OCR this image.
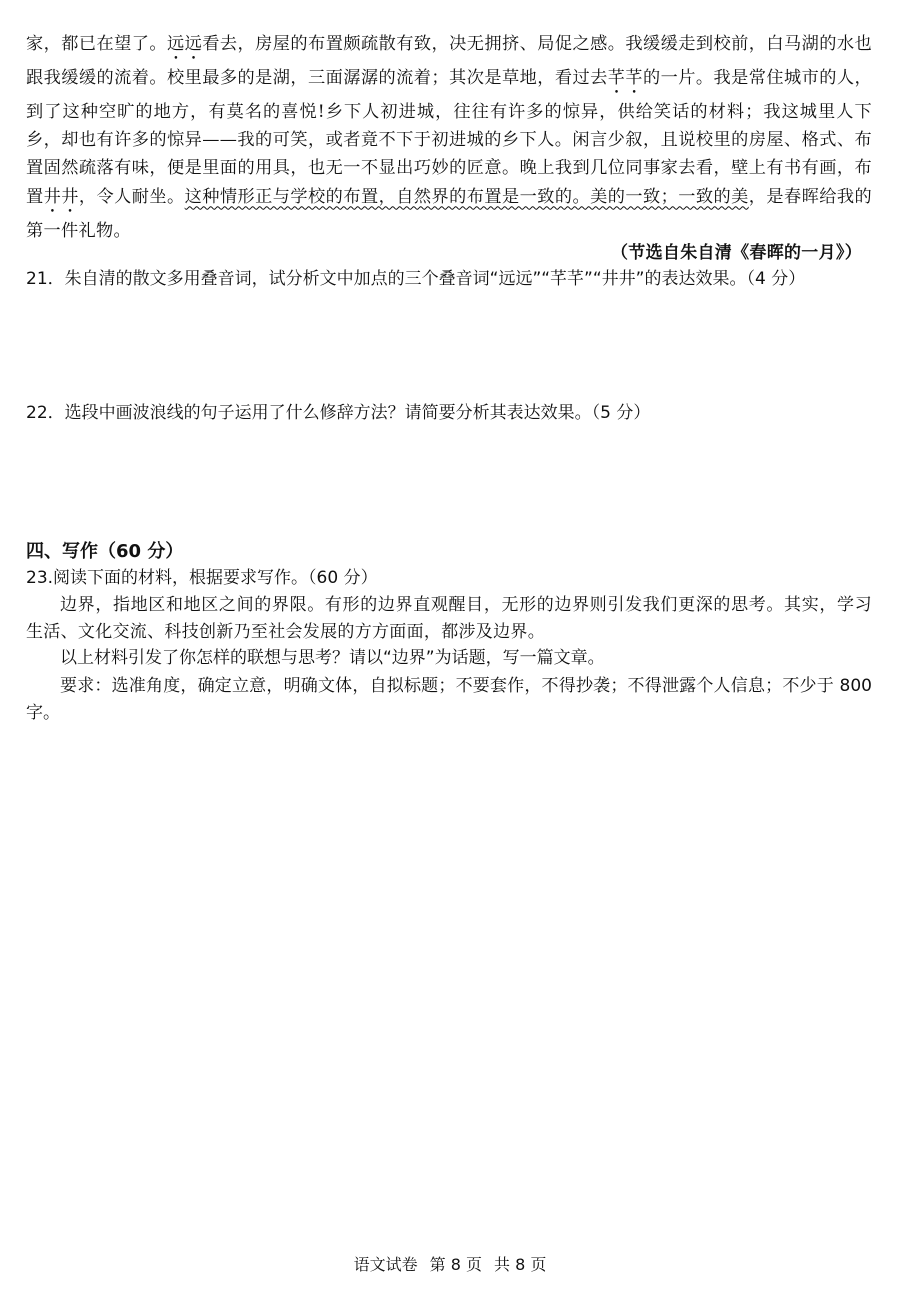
家，都已在望了。远远看去，房屋的布置颇疏散有致，决无拥挤、局促之感。我缓缓走到校前，白马湖的水也跟我缓缓的流着。校里最多的是湖，三面潺潺的流着；其次是草地，看过去芊芊的一片。我是常住城市的人，到了这种空旷的地方，有莫名的喜悦!乡下人初进城，往往有许多的惊异，供给笑话的材料；我这城里人下乡，却也有许多的惊异——我的可笑，或者竟不下于初进城的乡下人。闲言少叙，且说校里的房屋、格式、布置固然疏落有味，便是里面的用具，也无一不显出巧妙的匠意。晚上我到几位同事家去看，壁上有书有画，布置井井，令人耐坐。这种情形正与学校的布置，自然界的布置是一致的。美的一致；一致的美，是春晖给我的第一件礼物。

（节选自朱自清《春晖的一月》）

21．朱自清的散文多用叠音词，试分析文中加点的三个叠音词“远远”“芊芊”“井井”的表达效果。（4 分）

22．选段中画波浪线的句子运用了什么修辞方法？请简要分析其表达效果。（5 分）

四、写作（60 分）

23.阅读下面的材料，根据要求写作。（60 分）

边界，指地区和地区之间的界限。有形的边界直观醒目，无形的边界则引发我们更深的思考。其实，学习生活、文化交流、科技创新乃至社会发展的方方面面，都涉及边界。

以上材料引发了你怎样的联想与思考？请以“边界”为话题，写一篇文章。

要求：选准角度，确定立意，明确文体，自拟标题；不要套作，不得抄袭；不得泄露个人信息；不少于 800 字。

语文试卷 第 8 页 共 8 页
